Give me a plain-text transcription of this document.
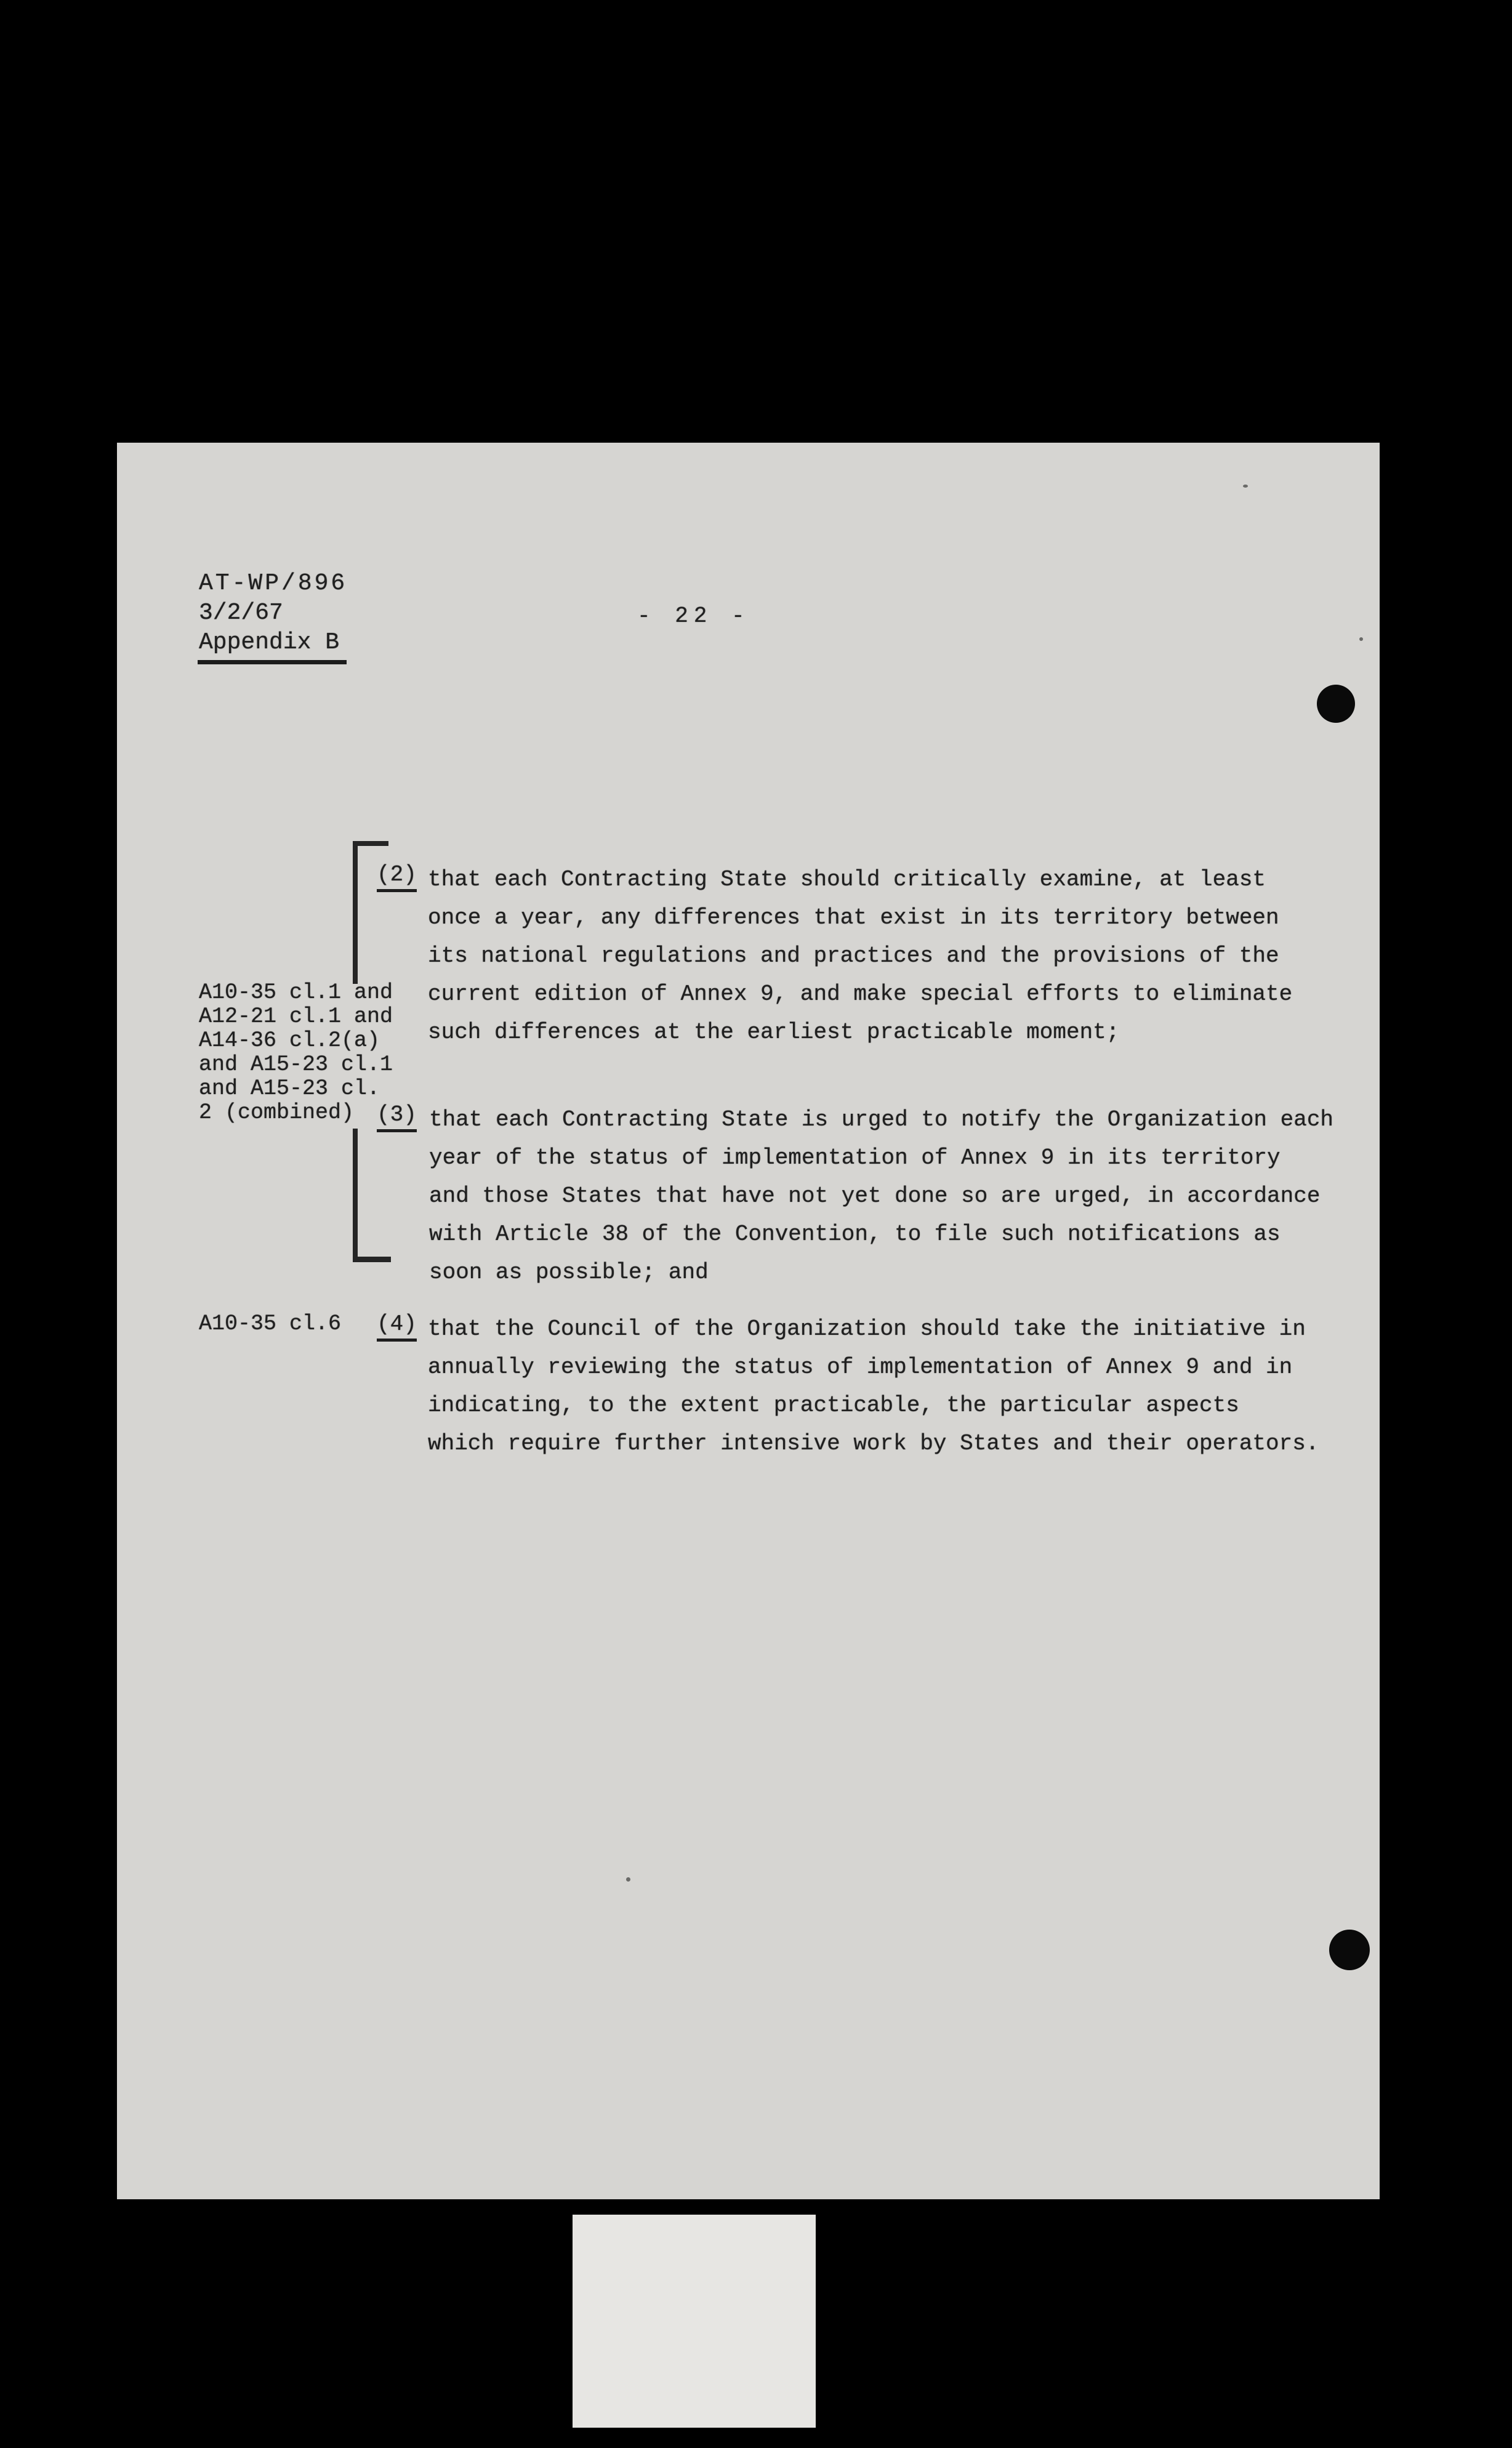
AT-WP/896
3/2/67
Appendix B
- 22 -
A10-35 cl.1 and
A12-21 cl.1 and
A14-36 cl.2(a)
and A15-23 cl.1
and A15-23 cl.
2 (combined)
(2) that each Contracting State should critically examine, at least
once a year, any differences that exist in its territory between
its national regulations and practices and the provisions of the
current edition of Annex 9, and make special efforts to eliminate
such differences at the earliest practicable moment;
(3) that each Contracting State is urged to notify the Organization each
year of the status of implementation of Annex 9 in its territory
and those States that have not yet done so are urged, in accordance
with Article 38 of the Convention, to file such notifications as
soon as possible; and
A10-35 cl.6 (4) that the Council of the Organization should take the initiative in
annually reviewing the status of implementation of Annex 9 and in
indicating, to the extent practicable, the particular aspects
which require further intensive work by States and their operators.
